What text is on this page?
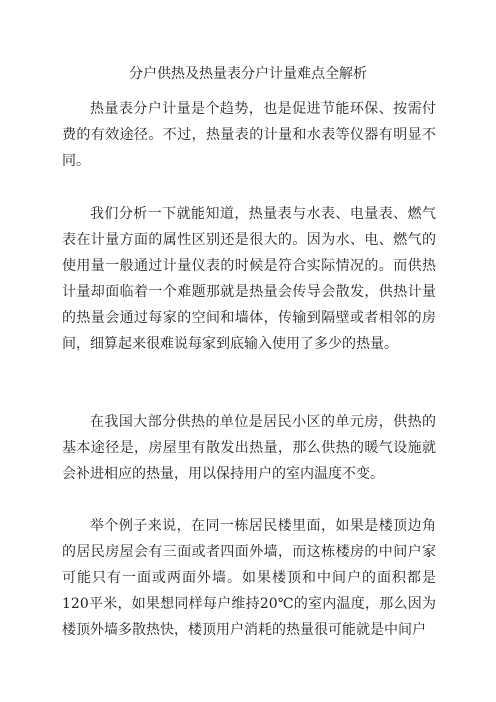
分户供热及热量表分户计量难点全解析

热量表分户计量是个趋势，也是促进节能环保、按需付费的有效途径。不过，热量表的计量和水表等仪器有明显不同。

我们分析一下就能知道，热量表与水表、电量表、燃气表在计量方面的属性区别还是很大的。因为水、电、燃气的使用量一般通过计量仪表的时候是符合实际情况的。而供热计量却面临着一个难题那就是热量会传导会散发，供热计量的热量会通过每家的空间和墙体，传输到隔壁或者相邻的房间，细算起来很难说每家到底输入使用了多少的热量。

在我国大部分供热的单位是居民小区的单元房，供热的基本途径是，房屋里有散发出热量，那么供热的暖气设施就会补进相应的热量，用以保持用户的室内温度不变。

举个例子来说，在同一栋居民楼里面，如果是楼顶边角的居民房屋会有三面或者四面外墙，而这栋楼房的中间户家可能只有一面或两面外墙。如果楼顶和中间户的面积都是120平米，如果想同样每户维持20℃的室内温度，那么因为楼顶外墙多散热快，楼顶用户消耗的热量很可能就是中间户
